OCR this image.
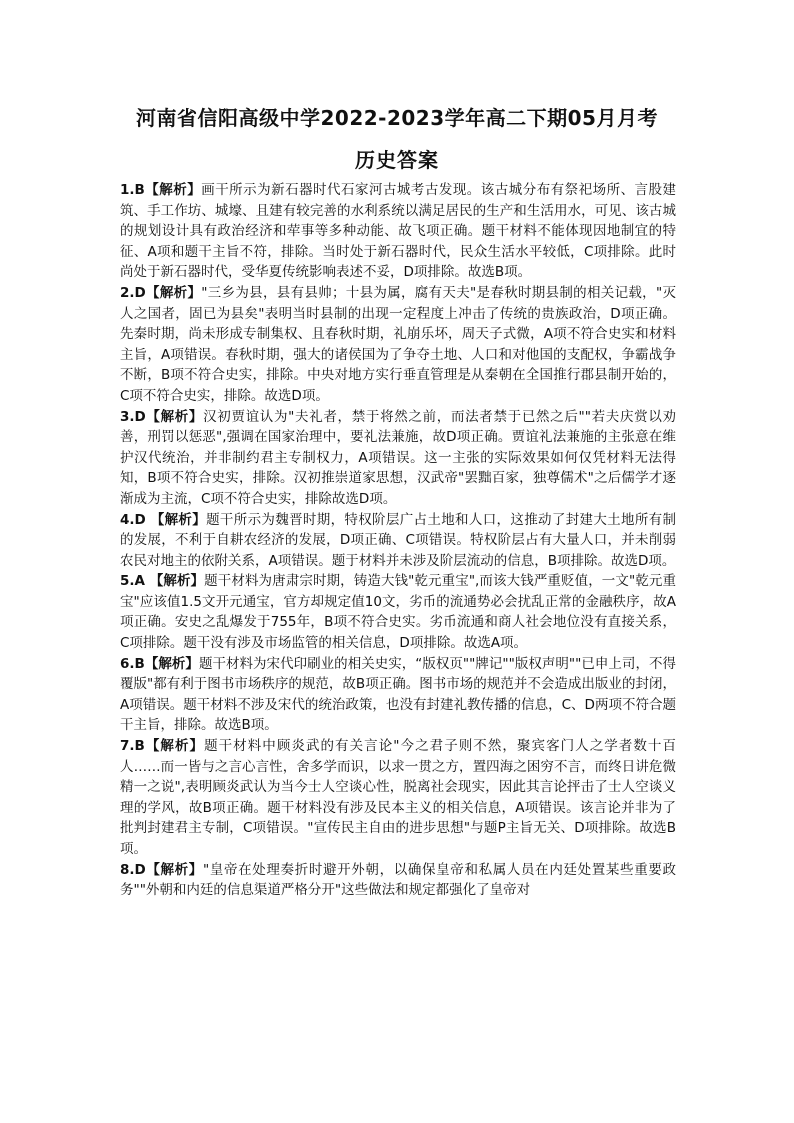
河南省信阳高级中学2022-2023学年高二下期05月月考
历史答案

1.B【解析】画干所示为新石器时代石家河古城考古发现。该古城分布有祭祀场所、言股建筑、手工作坊、城壕、且建有较完善的水利系统以满足居民的生产和生活用水，可见、该古城的规划设计具有政治经济和荦事等多种动能、故飞项正确。题干材料不能体现因地制宜的特征、A项和题干主旨不符，排除。当时处于新石器时代，民众生活水平较低，C项排除。此时尚处于新石器时代，受华夏传统影响表述不妥，D项排除。故选B项。

2.D【解析】"三乡为县，县有县帅；十县为属，腐有天夫"是春秋时期县制的相关记载，"灭人之国者，固已为县矣"表明当时县制的出现一定程度上冲击了传统的贵族政治，D项正确。先秦时期，尚未形成专制集权、且春秋时期，礼崩乐坏，周天子式微，A项不符合史实和材料主旨，A项错误。春秋时期，强大的诸侯国为了争夺土地、人口和对他国的支配权，争霸战争不断，B项不符合史实，排除。中央对地方实行垂直管理是从秦朝在全国推行郡县制开始的，C项不符合史实，排除。故选D项。

3.D【解析】汉初贾谊认为"夫礼者，禁于将然之前，而法者禁于已然之后""若夫庆赏以劝善，刑罚以惩恶",强调在国家治理中，要礼法兼施，故D项正确。贾谊礼法兼施的主张意在维护汉代统治，并非制约君主专制权力，A项错误。这一主张的实际效果如何仅凭材料无法得知，B项不符合史实，排除。汉初推崇道家思想，汉武帝"罢黜百家，独尊儒术"之后儒学才逐渐成为主流，C项不符合史实，排除故选D项。

4.D 【解析】题干所示为魏晋时期，特权阶层广占土地和人口，这推动了封建大土地所有制的发展，不利于自耕农经济的发展，D项正确、C项错误。特权阶层占有大量人口，并未削弱农民对地主的依附关系，A项错误。题于材料并未涉及阶层流动的信息，B项排除。故选D项。

5.A 【解析】题干材料为唐肃宗时期，铸造大钱"乾元重宝",而该大钱严重贬值，一文"乾元重宝"应该值1.5文开元通宝，官方却规定值10文，劣币的流通势必会扰乱正常的金融秩序，故A项正确。安史之乱爆发于755年，B项不符合史实。劣币流通和商人社会地位没有直接关系，C项排除。题干没有涉及市场监管的相关信息，D项排除。故选A项。

6.B【解析】题干材料为宋代印刷业的相关史实，“版权页""牌记""版权声明""已申上司，不得覆版"都有利于图书市场秩序的规范，故B项正确。图书市场的规范并不会造成出版业的封闭，A项错误。题干材料不涉及宋代的统治政策，也没有封建礼教传播的信息，C、D两项不符合题干主旨，排除。故选B项。

7.B【解析】题干材料中顾炎武的有关言论"今之君子则不然，聚宾客门人之学者数十百人……而一皆与之言心言性，舍多学而识，以求一贯之方，置四海之困穷不言，而终日讲危微精一之说",表明顾炎武认为当今士人空谈心性，脱离社会现实，因此其言论抨击了士人空谈义理的学风，故B项正确。题干材料没有涉及民本主义的相关信息，A项错误。该言论并非为了批判封建君主专制，C项错误。"宣传民主自由的进步思想"与题P主旨无关、D项排除。故选B项。

8.D【解析】"皇帝在处理奏折时避开外朝，以确保皇帝和私属人员在内廷处置某些重要政务""外朝和内廷的信息渠道严格分开"这些做法和规定都强化了皇帝对
